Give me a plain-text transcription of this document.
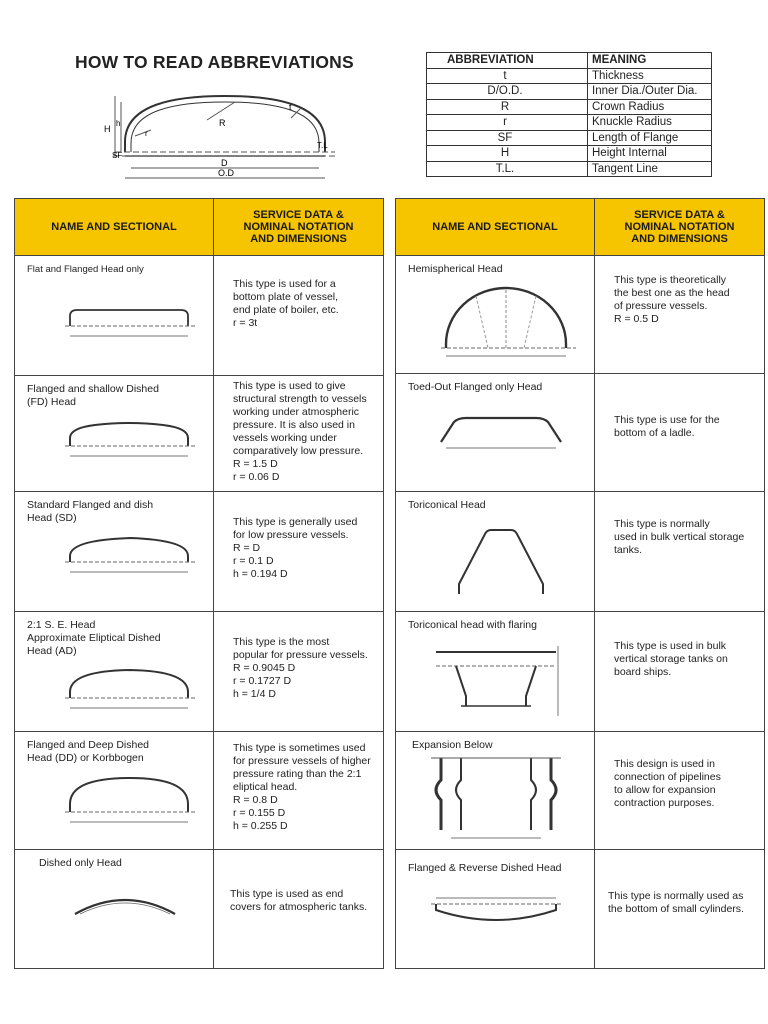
HOW TO READ ABBREVIATIONS	ABBREVIATION	MEANING
t	Thickness
D/O.D.	Inner Dia./Outer Dia.
R	Crown Radius
r	Knuckle Radius
SF	Length of Flange
H	Height Internal
T.L.	Tangent Line
H
h
SF
r
R
t
T.L
D
O.D
NAME AND SECTIONAL
SERVICE DATA &
NOMINAL NOTATION
AND DIMENSIONS
Flat and Flanged Head only
This type is used for a
bottom plate of vessel,
end plate of boiler, etc.
r = 3t
Flanged and shallow Dished
(FD) Head
This type is used to give
structural strength to vessels
working under atmospheric
pressure. It is also used in
vessels working under
comparatively low pressure.
R = 1.5 D
r = 0.06 D
Standard Flanged and dish
Head (SD)	This type is generally used
for low pressure vessels.
R = D
r = 0.1 D
h = 0.194 D
2:1 S. E. Head
Approximate Eliptical Dished
Head (AD)
This type is the most
popular for pressure vessels.
R = 0.9045 D
r = 0.1727 D
h = 1/4 D
Flanged and Deep Dished
Head (DD) or Korbbogen
This type is sometimes used
for pressure vessels of higher
pressure rating than the 2:1
eliptical head.
R = 0.8 D
r = 0.155 D
h = 0.255 D
Dished only Head
This type is used as end
covers for atmospheric tanks.
NAME AND SECTIONAL
SERVICE DATA &
NOMINAL NOTATION
AND DIMENSIONS
Hemispherical Head
This type is theoretically
the best one as the head
of pressure vessels.
R = 0.5 D
Toed-Out Flanged only Head
This type is use for the
bottom of a ladle.
Toriconical Head
This type is normally
used in bulk vertical storage
tanks.
Toriconical head with flaring
This type is used in bulk
vertical storage tanks on
board ships.
Expansion Below
This design is used in
connection of pipelines
to allow for expansion
contraction purposes.
Flanged & Reverse Dished Head
This type is normally used as
the bottom of small cylinders.
